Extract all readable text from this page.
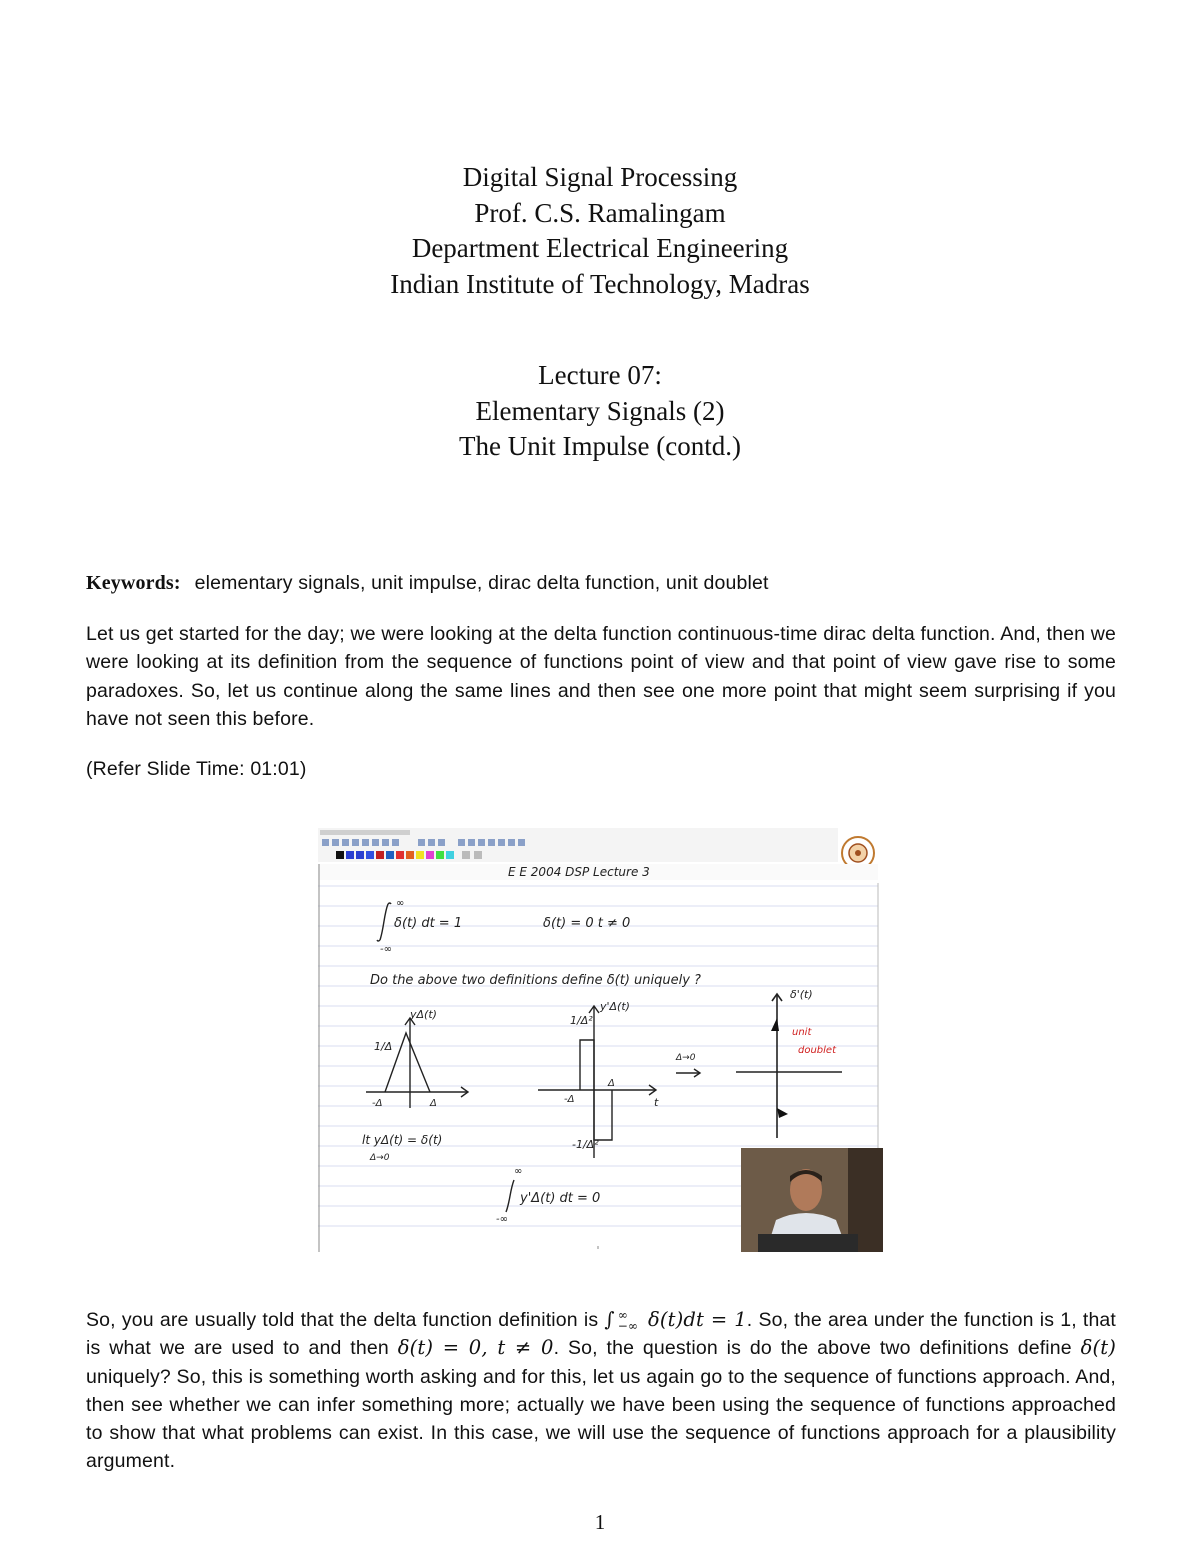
Digital Signal Processing
Prof. C.S. Ramalingam
Department Electrical Engineering
Indian Institute of Technology, Madras
Lecture 07:
Elementary Signals (2)
The Unit Impulse (contd.)
Keywords: elementary signals, unit impulse, dirac delta function, unit doublet
Let us get started for the day; we were looking at the delta function continuous-time dirac delta function. And, then we were looking at its definition from the sequence of functions point of view and that point of view gave rise to some paradoxes. So, let us continue along the same lines and then see one more point that might seem surprising if you have not seen this before.
(Refer Slide Time: 01:01)
E E 2004 DSP Lecture 3
∞
-∞
δ(t) dt = 1	δ(t) = 0 t ≠ 0
Do the above two definitions define δ(t) uniquely ?
1/Δ
yΔ(t)
-Δ	Δ
1/Δ²
y'Δ(t)
-Δ
Δ
t
-1/Δ²
Δ→0
δ'(t)
unit
doublet
lt yΔ(t) = δ(t)
Δ→0
∞
-∞
y'Δ(t) dt = 0
So, you are usually told that the delta function definition is ∫ ∞
−∞ δ(t)dt = 1. So, the area under the function is 1, that is what we are used to and then δ(t) = 0, t ≠ 0. So, the question is do the above two definitions define δ(t) uniquely? So, this is something worth asking and for this, let us again go to the sequence of functions approach. And, then see whether we can infer something more; actually we have been using the sequence of functions approached to show that what problems can exist. In this case, we will use the sequence of functions approach for a plausibility argument.
1
